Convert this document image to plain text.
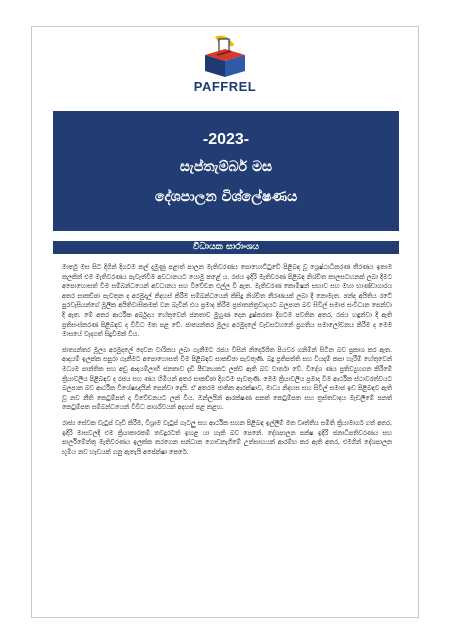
PAFFREL
-2023-
සැප්තැම්බර් මස
දේශපාලන විශ්ලේෂණය
විධායක සාරාංශය

මාර්තු මස සිට දිගින් දිගටම කල් දැමුණු පළාත් පාලන මැතිවරණය පොහොට්ටුවේ පිළිබඳ වූ ශ්‍රෙෂ්ඨාධිකරණ තීරණය ඉතාම කලකින් එම මැතිවරණය පැවැත්වීම අවධානයට යොමු කළේ ය. රජය ඉදිරි මැතිවරණ පිළිබඳ නිශ්චිත කාලසටහනක් ලබා දීමට අපොහොසත් වීම සම්බන්ධයෙන් අවධානය සහ විවේචන එල්ල වී ඇත. මැතිවරණ කොමිෂන් සභාව සහ මහා භාණ්ඩාගාරය අතර සාකච්ඡා පැවතුන ද අරමුදල් නිදහස් කිරීම සම්බන්ධයෙන් කිසිදු නිශ්චිත තීරණයක් ලබා දී නොමැත. ඡන්ද අයිතිය රටේ පුරවැසියන්ගේ මූලික අයිතිවාසිකමක් වන බැවින් එය ප්‍රමාද කිරීම ප්‍රජාතන්ත්‍රවාදයට බලපාන බව සිවිල් සමාජ සංවිධාන පෙන්වා දී ඇත. මේ අතර ආර්ථික අර්බුදය හේතුවෙන් ජනතාව මුහුණ දෙන දුෂ්කරතා දිගටම පවතින අතර, රජය හඳුන්වා දී ඇති ප්‍රතිසංස්කරණ පිළිබඳව ද විවිධ මත පළ වේ. ජාත්‍යන්තර මූල්‍ය අරමුදලේ වැඩසටහනේ ප්‍රගතිය සමාලෝචනය කිරීම ද මෙම මාසයේ වැදගත් සිදුවීමක් විය.

ජාත්‍යන්තර මූල්‍ය අරමුදලේ දෙවන වාරිකය ලබා ගැනීමට රජය විසින් නිර්දේශිත පියවර ගනිමින් සිටින බව ප්‍රකාශ කර ඇත. ආදායම් ඉලක්ක සපුරා ගැනීමට අපොහොසත් වීම පිළිබඳව සාකච්ඡා පැවතුණි. බදු ප්‍රතිපත්ති සහ වියදම් කපා හැරීම් හේතුවෙන් මධ්‍යම පාන්තික සහ අඩු ආදායම්ලාභී ජනතාව දැඩි පීඩනයකට ලක්ව ඇති බව වාර්තා වේ. විදේශ ණය ප්‍රතිව්‍යුහගත කිරීමේ ක්‍රියාවලිය පිළිබඳව ද රජය සහ ණය හිමියන් අතර සාකච්ඡා දිගටම පැවතුණි. මෙම ක්‍රියාවලිය ප්‍රමාද වීම ආර්ථික ස්ථාවරත්වයට බලපාන බව ආර්ථික විශේෂඥයින් පෙන්වා දෙයි. ඒ අතරම ජාතික ආරක්ෂාව, මාධ්‍ය නිදහස සහ සිවිල් සමාජ ඉඩ පිළිබඳව ඇති වූ නව නීති කෙටුම්පත් ද විවේචනයට ලක් විය. ඔන්ලයින් ආරක්ෂණ පනත් කෙටුම්පත සහ ත්‍රස්තවාදය මැඩලීමේ පනත් කෙටුම්පත සම්බන්ධයෙන් විවිධ පාර්ශ්වයන් අදහස් පළ කළහ.

රාජ්‍ය සේවක වැටුප් වැඩි කිරීම, විශ්‍රාම වැටුප් ගැටලු සහ ආර්ථික සහන පිළිබඳ ඉල්ලීම් මත වෘත්තීය සමිති ක්‍රියාමාර්ග ගත් අතර, ඉදිරි මාසවලදී එම ක්‍රියාකාරකම් තවදුරටත් ඉහළ යා හැකි බව පෙනේ. දේශපාලන පක්ෂ ඉදිරි ජනාධිපතිවරණය සහ පාර්ලිමේන්තු මැතිවරණය ඉලක්ක කරගෙන සන්ධාන ගොඩනැගීමේ උත්සාහයන් ආරම්භ කර ඇති අතර, එමගින් දේශපාලන භූමිය නව හැඩයක් ගනු ඇතැයි අපේක්ෂා කෙරේ.
